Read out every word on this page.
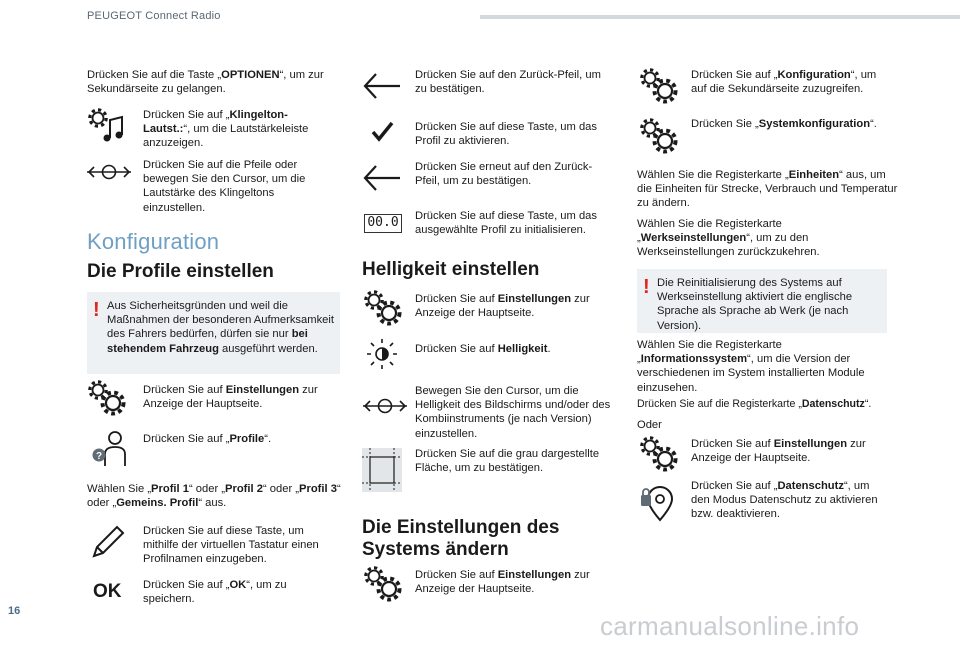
PEUGEOT Connect Radio

Drücken Sie auf die Taste „OPTIONEN“, um zur Sekundärseite zu gelangen.

Drücken Sie auf „Klingelton-Lautst.:“, um die Lautstärkeleiste anzuzeigen.

Drücken Sie auf die Pfeile oder bewegen Sie den Cursor, um die Lautstärke des Klingeltons einzustellen.

Konfiguration
Die Profile einstellen
! Aus Sicherheitsgründen und weil die Maßnahmen der besonderen Aufmerksamkeit des Fahrers bedürfen, dürfen sie nur bei stehendem Fahrzeug ausgeführt werden.

Drücken Sie auf Einstellungen zur Anzeige der Hauptseite.

?

Drücken Sie auf „Profile“.

Wählen Sie „Profil 1“ oder „Profil 2“ oder „Profil 3“ oder „Gemeins. Profil“ aus.

Drücken Sie auf diese Taste, um mithilfe der virtuellen Tastatur einen Profilnamen einzugeben.

OK Drücken Sie auf „OK“, um zu speichern.

Drücken Sie auf den Zurück-Pfeil, um zu bestätigen.

Drücken Sie auf diese Taste, um das Profil zu aktivieren.

Drücken Sie erneut auf den Zurück-Pfeil, um zu bestätigen.

00.0 Drücken Sie auf diese Taste, um das ausgewählte Profil zu initialisieren.

Helligkeit einstellen

Drücken Sie auf Einstellungen zur Anzeige der Hauptseite.

Drücken Sie auf Helligkeit.

Bewegen Sie den Cursor, um die Helligkeit des Bildschirms und/oder des Kombiinstruments (je nach Version) einzustellen.

Drücken Sie auf die grau dargestellte Fläche, um zu bestätigen.

Die Einstellungen des Systems ändern

Drücken Sie auf Einstellungen zur Anzeige der Hauptseite.

Drücken Sie auf „Konfiguration“, um auf die Sekundärseite zuzugreifen.

Drücken Sie „Systemkonfiguration“.

Wählen Sie die Registerkarte „Einheiten“ aus, um die Einheiten für Strecke, Verbrauch und Temperatur zu ändern.

Wählen Sie die Registerkarte „Werkseinstellungen“, um zu den Werkseinstellungen zurückzukehren.

! Die Reinitialisierung des Systems auf Werkseinstellung aktiviert die englische Sprache als Sprache ab Werk (je nach Version).

Wählen Sie die Registerkarte „Informationssystem“, um die Version der verschiedenen im System installierten Module einzusehen.

Drücken Sie auf die Registerkarte „Datenschutz“.

Oder

Drücken Sie auf Einstellungen zur Anzeige der Hauptseite.

Drücken Sie auf „Datenschutz“, um den Modus Datenschutz zu aktivieren bzw. deaktivieren.

16	carmanualsonline.info
